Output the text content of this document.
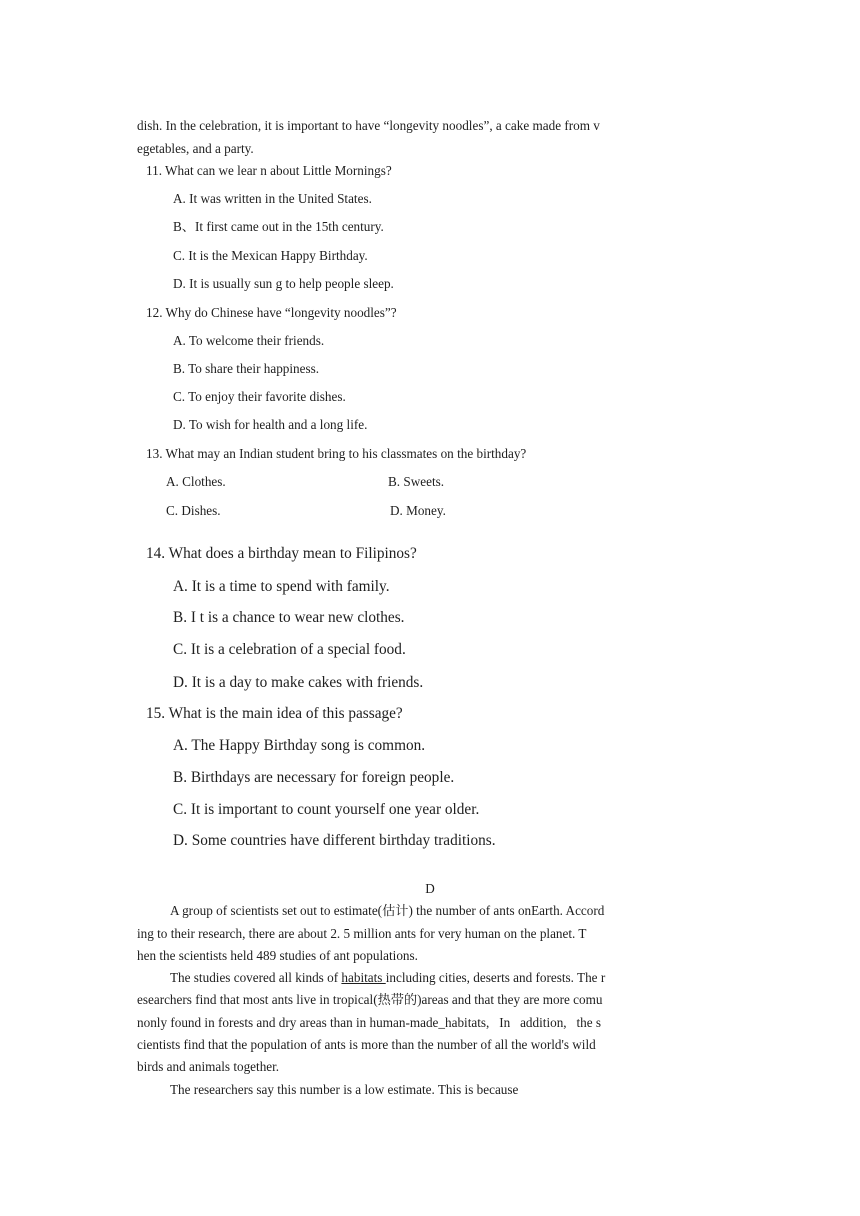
dish. In the celebration, it is important to have “longevity noodles”, a cake made from v
egetables, and a party.
11. What can we lear n about Little Mornings?
A. It was written in the United States.
B、It first came out in the 15th century.
C. It is the Mexican Happy Birthday.
D. It is usually sun g to help people sleep.
12. Why do Chinese have “longevity noodles”?
A. To welcome their friends.
B. To share their happiness.
C. To enjoy their favorite dishes.
D. To wish for health and a long life.
13. What may an Indian student bring to his classmates on the birthday?
A. Clothes.	B. Sweets.
C. Dishes.	D. Money.
14. What does a birthday mean to Filipinos?
A. It is a time to spend with family.
B. I t is a chance to wear new clothes.
C. It is a celebration of a special food.
D. It is a day to make cakes with friends.
15. What is the main idea of this passage?
A. The Happy Birthday song is common.
B. Birthdays are necessary for foreign people.
C. It is important to count yourself one year older.
D. Some countries have different birthday traditions.
D
A group of scientists set out to estimate(估计) the number of ants onEarth. Accord
ing to their research, there are about 2. 5 million ants for very human on the planet. T
hen the scientists held 489 studies of ant populations.
The studies covered all kinds of habitats including cities, deserts and forests. The r
esearchers find that most ants live in tropical(热带的)areas and that they are more comu
nonly found in forests and dry areas than in human-made_habitats,   In   addition,   the s
cientists find that the population of ants is more than the number of all the world's wild
birds and animals together.
The researchers say this number is a low estimate. This is because
